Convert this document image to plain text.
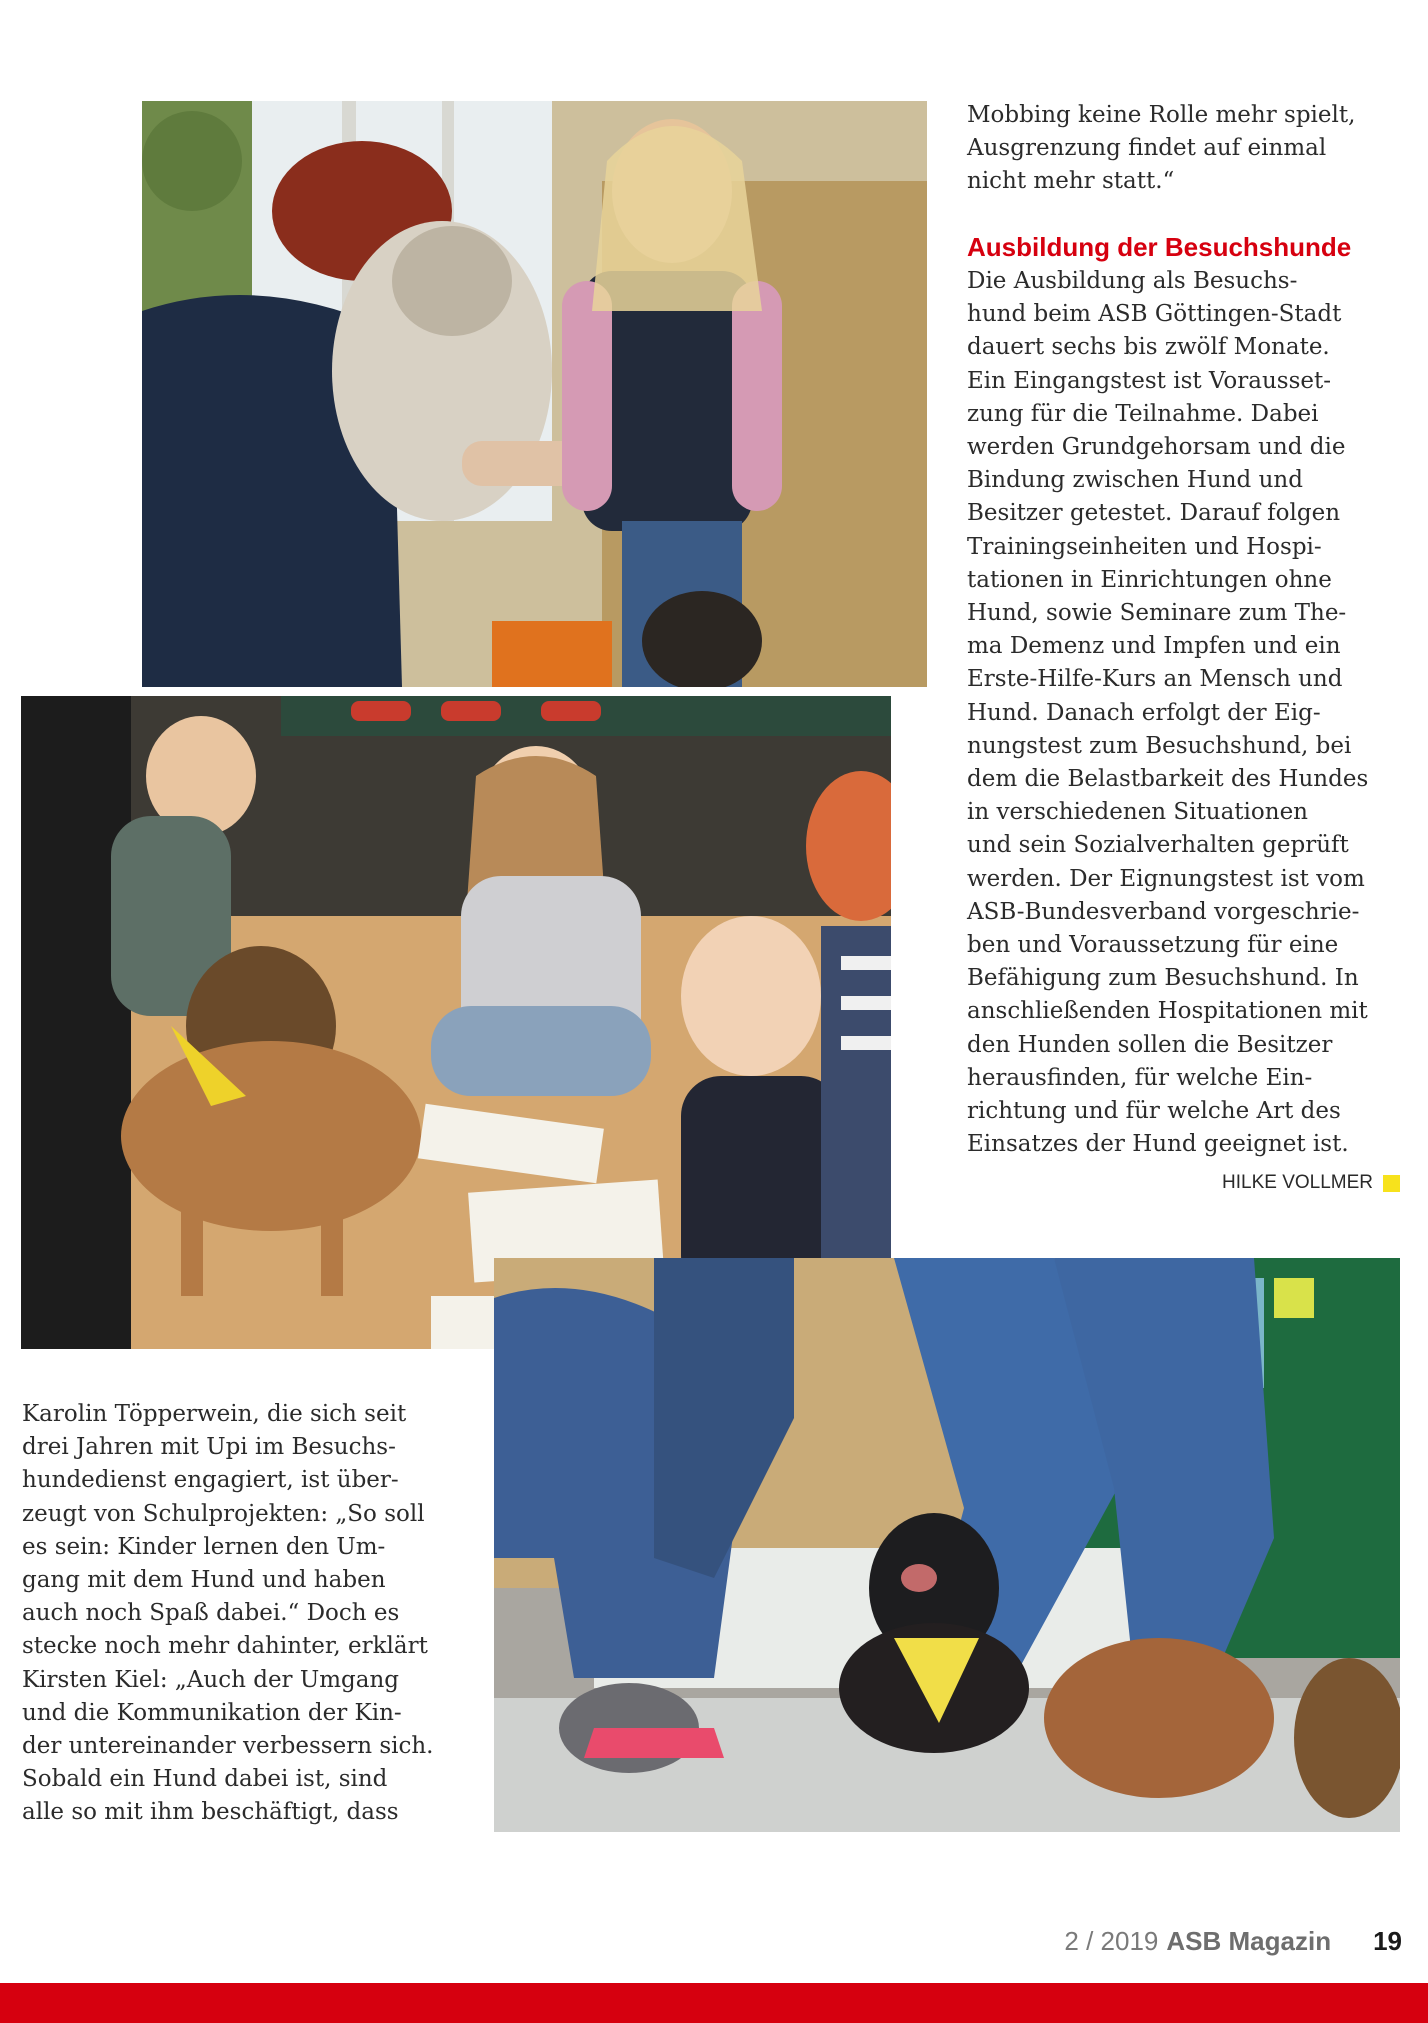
Mobbing keine Rolle mehr spielt,
Ausgrenzung findet auf einmal
nicht mehr statt.“

Ausbildung der Besuchshunde

Die Ausbildung als Besuchs-
hund beim ASB Göttingen-Stadt
dauert sechs bis zwölf Monate.
Ein Eingangstest ist Vorausset-
zung für die Teilnahme. Dabei
werden Grundgehorsam und die
Bindung zwischen Hund und
Besitzer getestet. Darauf folgen
Trainingseinheiten und Hospi-
tationen in Einrichtungen ohne
Hund, sowie Seminare zum The-
ma Demenz und Impfen und ein
Erste-Hilfe-Kurs an Mensch und
Hund. Danach erfolgt der Eig-
nungstest zum Besuchshund, bei
dem die Belastbarkeit des Hundes
in verschiedenen Situationen
und sein Sozialverhalten geprüft
werden. Der Eignungstest ist vom
ASB-Bundesverband vorgeschrie-
ben und Voraussetzung für eine
Befähigung zum Besuchshund. In
anschließenden Hospitationen mit
den Hunden sollen die Besitzer
herausfinden, für welche Ein-
richtung und für welche Art des
Einsatzes der Hund geeignet ist.

HILKE VOLLMER

Karolin Töpperwein, die sich seit
drei Jahren mit Upi im Besuchs-
hundedienst engagiert, ist über-
zeugt von Schulprojekten: „So soll
es sein: Kinder lernen den Um-
gang mit dem Hund und haben
auch noch Spaß dabei.“ Doch es
stecke noch mehr dahinter, erklärt
Kirsten Kiel: „Auch der Umgang
und die Kommunikation der Kin-
der untereinander verbessern sich.
Sobald ein Hund dabei ist, sind
alle so mit ihm beschäftigt, dass

2 / 2019 ASB Magazin 19
